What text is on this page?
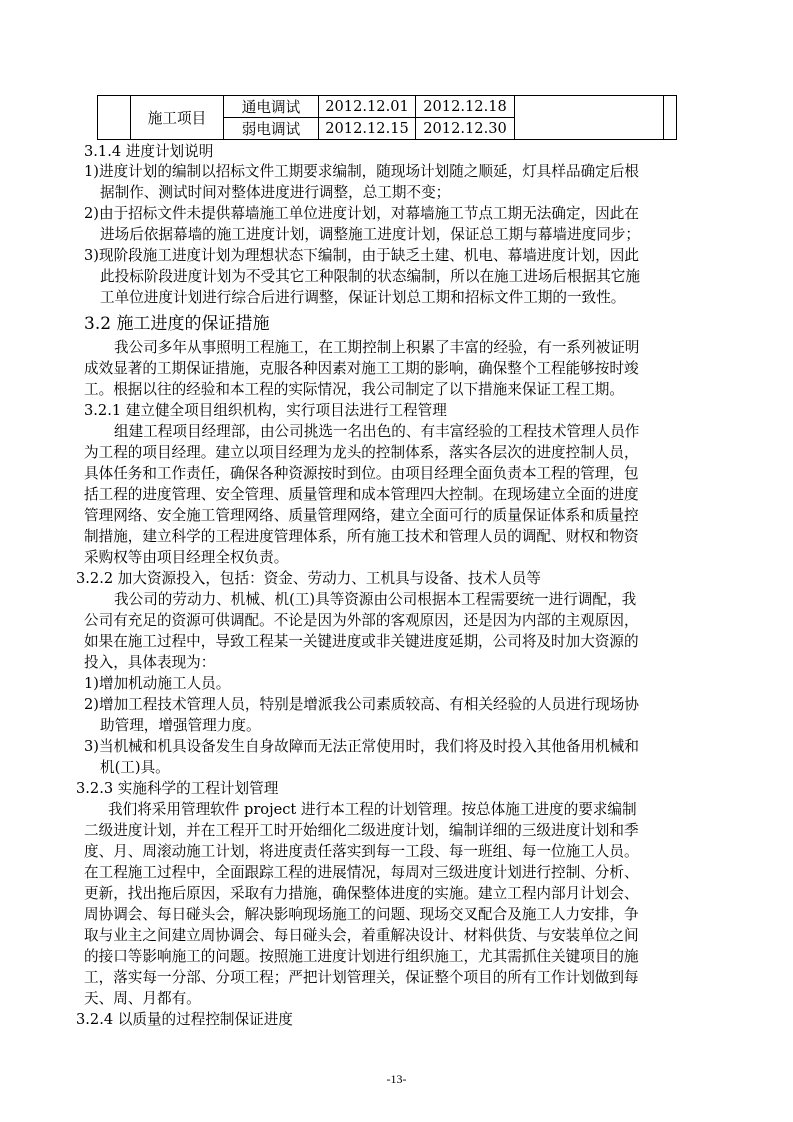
	施工项目	通电调试	2012.12.01	2012.12.18		
		弱电调试	2012.12.15	2012.12.30		
3.1.4 进度计划说明
1)进度计划的编制以招标文件工期要求编制，随现场计划随之顺延，灯具样品确定后根
据制作、测试时间对整体进度进行调整，总工期不变；
2)由于招标文件未提供幕墙施工单位进度计划，对幕墙施工节点工期无法确定，因此在
进场后依据幕墙的施工进度计划，调整施工进度计划，保证总工期与幕墙进度同步；
3)现阶段施工进度计划为理想状态下编制，由于缺乏土建、机电、幕墙进度计划，因此
此投标阶段进度计划为不受其它工种限制的状态编制，所以在施工进场后根据其它施
工单位进度计划进行综合后进行调整，保证计划总工期和招标文件工期的一致性。
3.2 施工进度的保证措施
我公司多年从事照明工程施工，在工期控制上积累了丰富的经验，有一系列被证明
成效显著的工期保证措施，克服各种因素对施工工期的影响，确保整个工程能够按时竣
工。根据以往的经验和本工程的实际情况，我公司制定了以下措施来保证工程工期。
3.2.1 建立健全项目组织机构，实行项目法进行工程管理
组建工程项目经理部，由公司挑选一名出色的、有丰富经验的工程技术管理人员作
为工程的项目经理。建立以项目经理为龙头的控制体系，落实各层次的进度控制人员，
具体任务和工作责任，确保各种资源按时到位。由项目经理全面负责本工程的管理，包
括工程的进度管理、安全管理、质量管理和成本管理四大控制。在现场建立全面的进度
管理网络、安全施工管理网络、质量管理网络，建立全面可行的质量保证体系和质量控
制措施，建立科学的工程进度管理体系，所有施工技术和管理人员的调配、财权和物资
采购权等由项目经理全权负责。
3.2.2 加大资源投入，包括：资金、劳动力、工机具与设备、技术人员等
我公司的劳动力、机械、机(工)具等资源由公司根据本工程需要统一进行调配，我
公司有充足的资源可供调配。不论是因为外部的客观原因，还是因为内部的主观原因，
如果在施工过程中，导致工程某一关键进度或非关键进度延期，公司将及时加大资源的
投入，具体表现为：
1)增加机动施工人员。
2)增加工程技术管理人员，特别是增派我公司素质较高、有相关经验的人员进行现场协
助管理，增强管理力度。
3)当机械和机具设备发生自身故障而无法正常使用时，我们将及时投入其他备用机械和
机(工)具。
3.2.3 实施科学的工程计划管理
我们将采用管理软件 project 进行本工程的计划管理。按总体施工进度的要求编制
二级进度计划，并在工程开工时开始细化二级进度计划，编制详细的三级进度计划和季
度、月、周滚动施工计划，将进度责任落实到每一工段、每一班组、每一位施工人员。
在工程施工过程中，全面跟踪工程的进展情况，每周对三级进度计划进行控制、分析、
更新，找出拖后原因，采取有力措施，确保整体进度的实施。建立工程内部月计划会、
周协调会、每日碰头会，解决影响现场施工的问题、现场交叉配合及施工人力安排，争
取与业主之间建立周协调会、每日碰头会，着重解决设计、材料供货、与安装单位之间
的接口等影响施工的问题。按照施工进度计划进行组织施工，尤其需抓住关键项目的施
工，落实每一分部、分项工程；严把计划管理关，保证整个项目的所有工作计划做到每
天、周、月都有。
3.2.4 以质量的过程控制保证进度
-13-
